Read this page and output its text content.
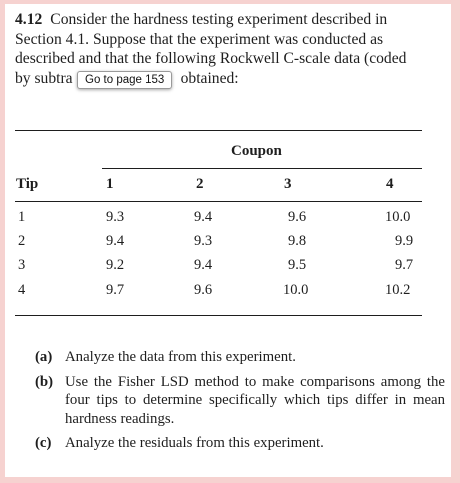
4.12 Consider the hardness testing experiment described in
Section 4.1. Suppose that the experiment was conducted as
described and that the following Rockwell C-scale data (coded
by subtra	obtained:
Go to page 153
Coupon
Tip	1	2	3	4
1	9.3	9.4	9.6	10.0
2	9.4	9.3	9.8	9.9
3	9.2	9.4	9.5	9.7
4	9.7	9.6	10.0	10.2
(a) Analyze the data from this experiment.
(b) Use the Fisher LSD method to make comparisons among the four tips to determine specifically which tips differ in mean hardness readings.
(c) Analyze the residuals from this experiment.
